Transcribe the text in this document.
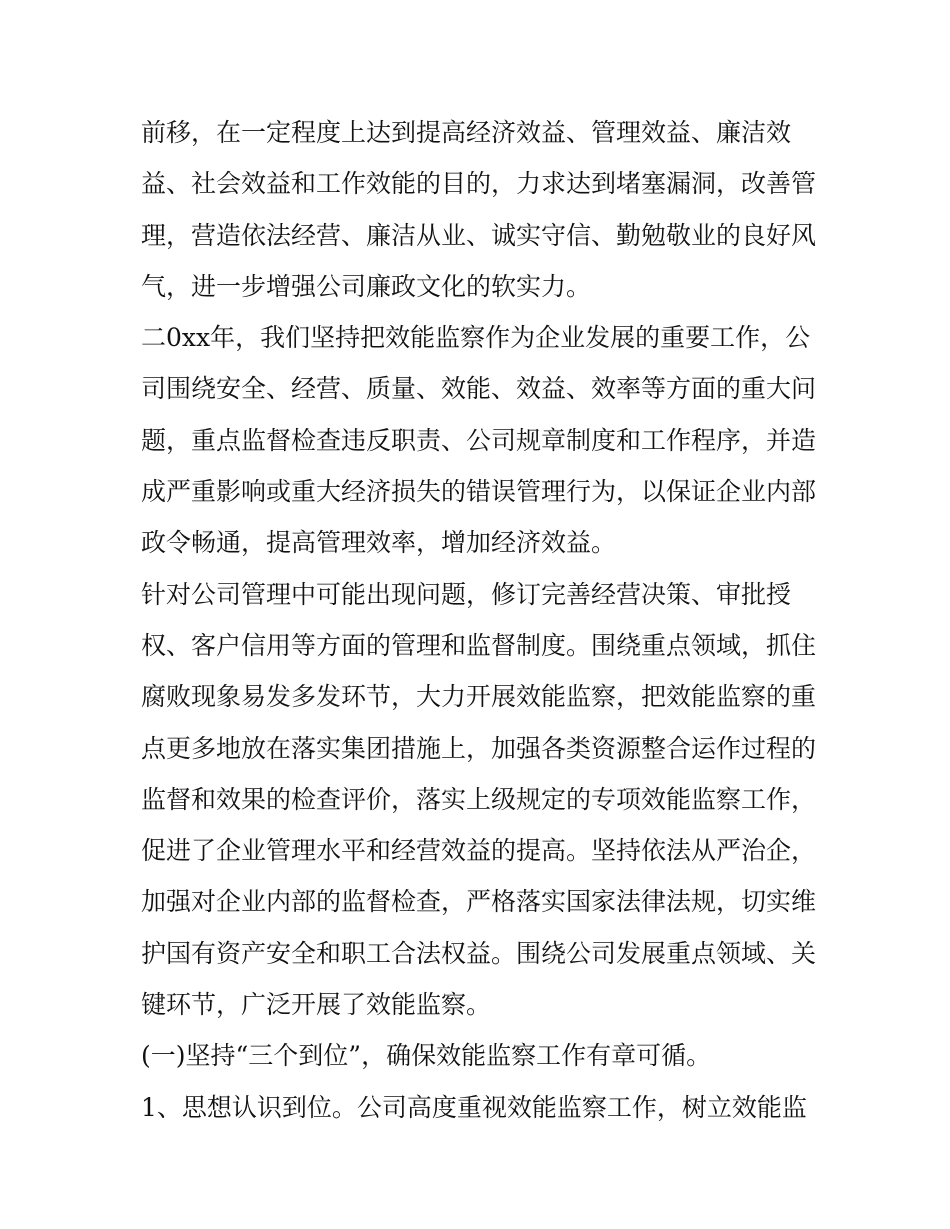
前移，在一定程度上达到提高经济效益、管理效益、廉洁效
益、社会效益和工作效能的目的，力求达到堵塞漏洞，改善管
理，营造依法经营、廉洁从业、诚实守信、勤勉敬业的良好风
气，进一步增强公司廉政文化的软实力。
二0xx年，我们坚持把效能监察作为企业发展的重要工作，公
司围绕安全、经营、质量、效能、效益、效率等方面的重大问
题，重点监督检查违反职责、公司规章制度和工作程序，并造
成严重影响或重大经济损失的错误管理行为，以保证企业内部
政令畅通，提高管理效率，增加经济效益。
针对公司管理中可能出现问题，修订完善经营决策、审批授
权、客户信用等方面的管理和监督制度。围绕重点领域，抓住
腐败现象易发多发环节，大力开展效能监察，把效能监察的重
点更多地放在落实集团措施上，加强各类资源整合运作过程的
监督和效果的检查评价，落实上级规定的专项效能监察工作，
促进了企业管理水平和经营效益的提高。坚持依法从严治企，
加强对企业内部的监督检查，严格落实国家法律法规，切实维
护国有资产安全和职工合法权益。围绕公司发展重点领域、关
键环节，广泛开展了效能监察。
(一)坚持“三个到位”，确保效能监察工作有章可循。
1、思想认识到位。公司高度重视效能监察工作，树立效能监
